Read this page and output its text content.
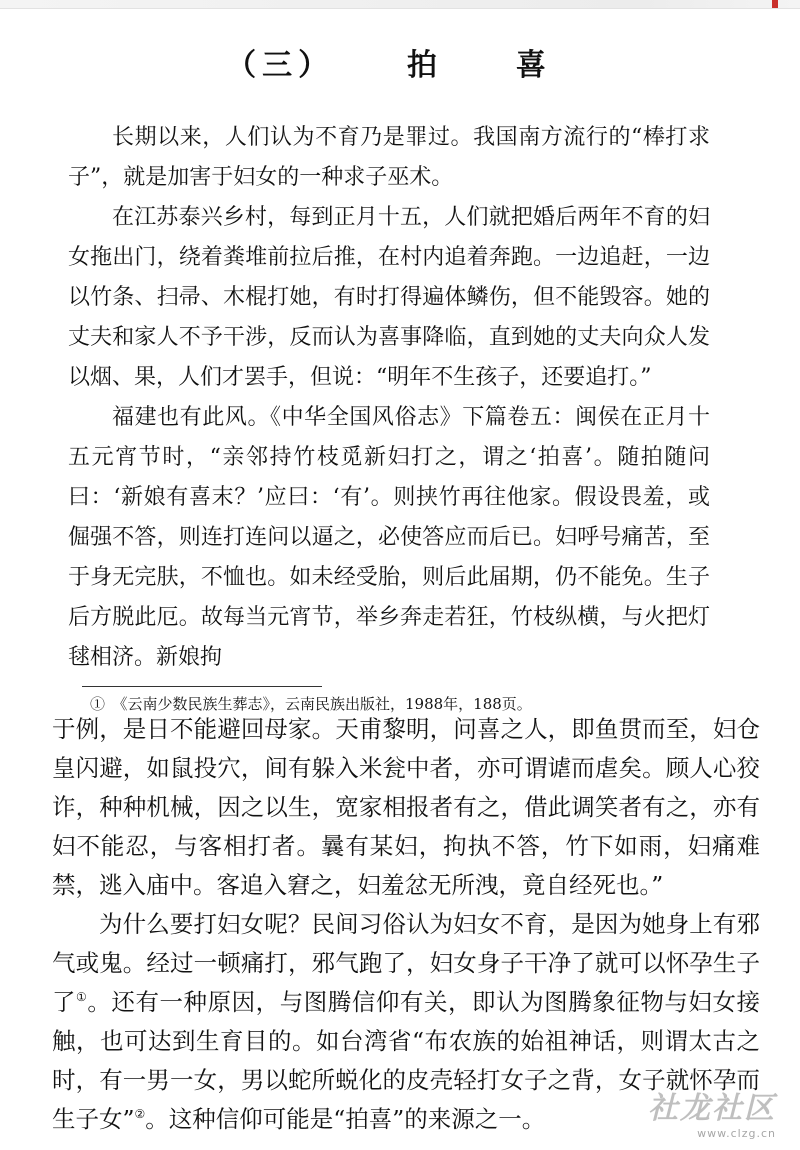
（三） 拍 喜

长期以来，人们认为不育乃是罪过。我国南方流行的“棒打求子”，就是加害于妇女的一种求子巫术。

在江苏泰兴乡村，每到正月十五，人们就把婚后两年不育的妇女拖出门，绕着粪堆前拉后推，在村内追着奔跑。一边追赶，一边以竹条、扫帚、木棍打她，有时打得遍体鳞伤，但不能毁容。她的丈夫和家人不予干涉，反而认为喜事降临，直到她的丈夫向众人发以烟、果，人们才罢手，但说：“明年不生孩子，还要追打。”

福建也有此风。《中华全国风俗志》下篇卷五：闽侯在正月十五元宵节时，“亲邻持竹枝觅新妇打之，谓之‘拍喜’。随拍随问曰：‘新娘有喜末？’应曰：‘有’。则挟竹再往他家。假设畏羞，或倔强不答，则连打连问以逼之，必使答应而后已。妇呼号痛苦，至于身无完肤，不恤也。如未经受胎，则后此届期，仍不能免。生子后方脱此厄。故每当元宵节，举乡奔走若狂，竹枝纵横，与火把灯毬相济。新娘拘

①　《云南少数民族生葬志》，云南民族出版社，1988年，188页。

于例，是日不能避回母家。天甫黎明，问喜之人，即鱼贯而至，妇仓皇闪避，如鼠投穴，间有躲入米瓮中者，亦可谓谑而虐矣。顾人心狡诈，种种机械，因之以生，宽家相报者有之，借此调笑者有之，亦有妇不能忍，与客相打者。曩有某妇，拘执不答，竹下如雨，妇痛难禁，逃入庙中。客追入窘之，妇羞忿无所洩，竟自经死也。”

为什么要打妇女呢？民间习俗认为妇女不育，是因为她身上有邪气或鬼。经过一顿痛打，邪气跑了，妇女身子干净了就可以怀孕生子了①。还有一种原因，与图腾信仰有关，即认为图腾象征物与妇女接触，也可达到生育目的。如台湾省“布农族的始祖神话，则谓太古之时，有一男一女，男以蛇所蜕化的皮壳轻打女子之背，女子就怀孕而生子女”②。这种信仰可能是“拍喜”的来源之一。	社龙社区
www.clzg.cn
